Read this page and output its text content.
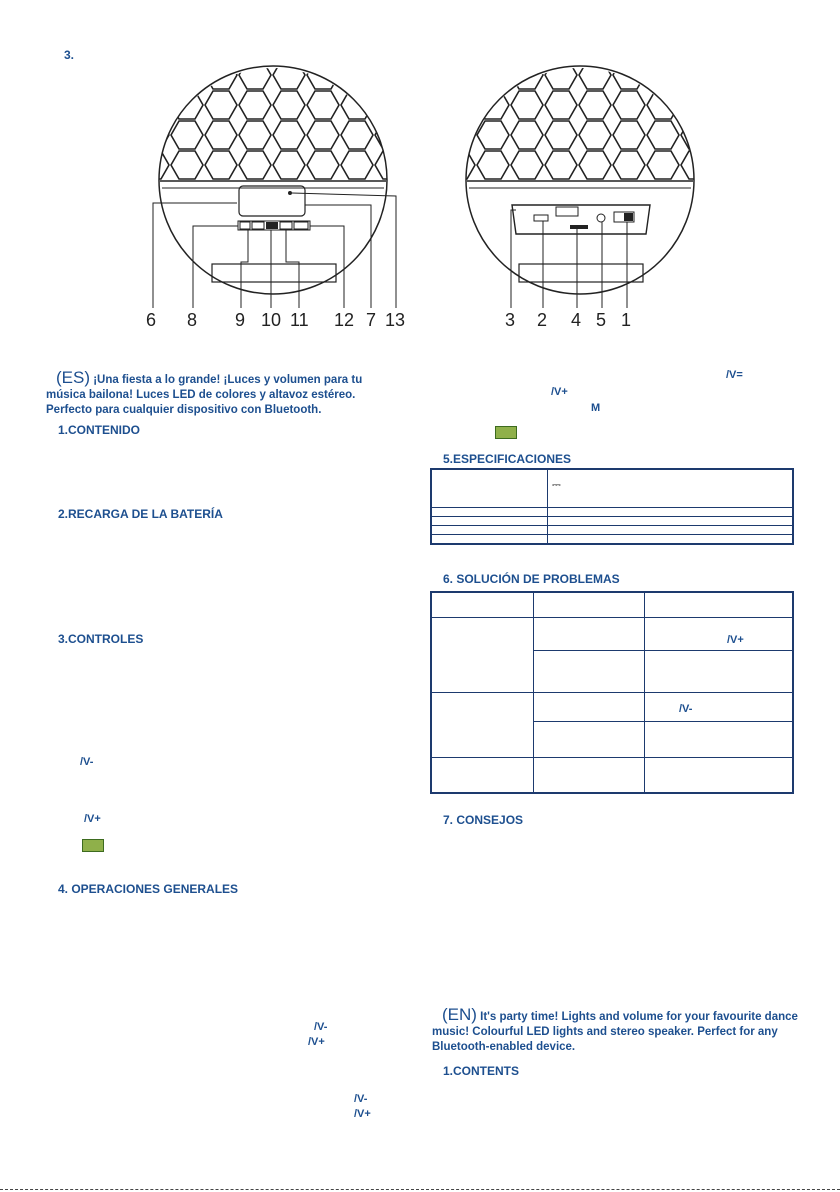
3.
6 8 9 10 11 12 7 13	3 2 4 5 1
(ES) ¡Una fiesta a lo grande! ¡Luces y volumen para tu música bailona! Luces LED de colores y altavoz estéreo. Perfecto para cualquier dispositivo con Bluetooth.
1.CONTENIDO
2.RECARGA DE LA BATERÍA
3.CONTROLES
/V-
/V+
4. OPERACIONES GENERALES
/V-
/V+
/V-
/V+
/V=
/V+
M
5.ESPECIFICACIONES
	⎓

6. SOLUCIÓN DE PROBLEMAS

		/V+

		/V-

7. CONSEJOS
(EN) It's party time! Lights and volume for your favourite dance music! Colourful LED lights and stereo speaker. Perfect for any Bluetooth-enabled device.
1.CONTENTS
